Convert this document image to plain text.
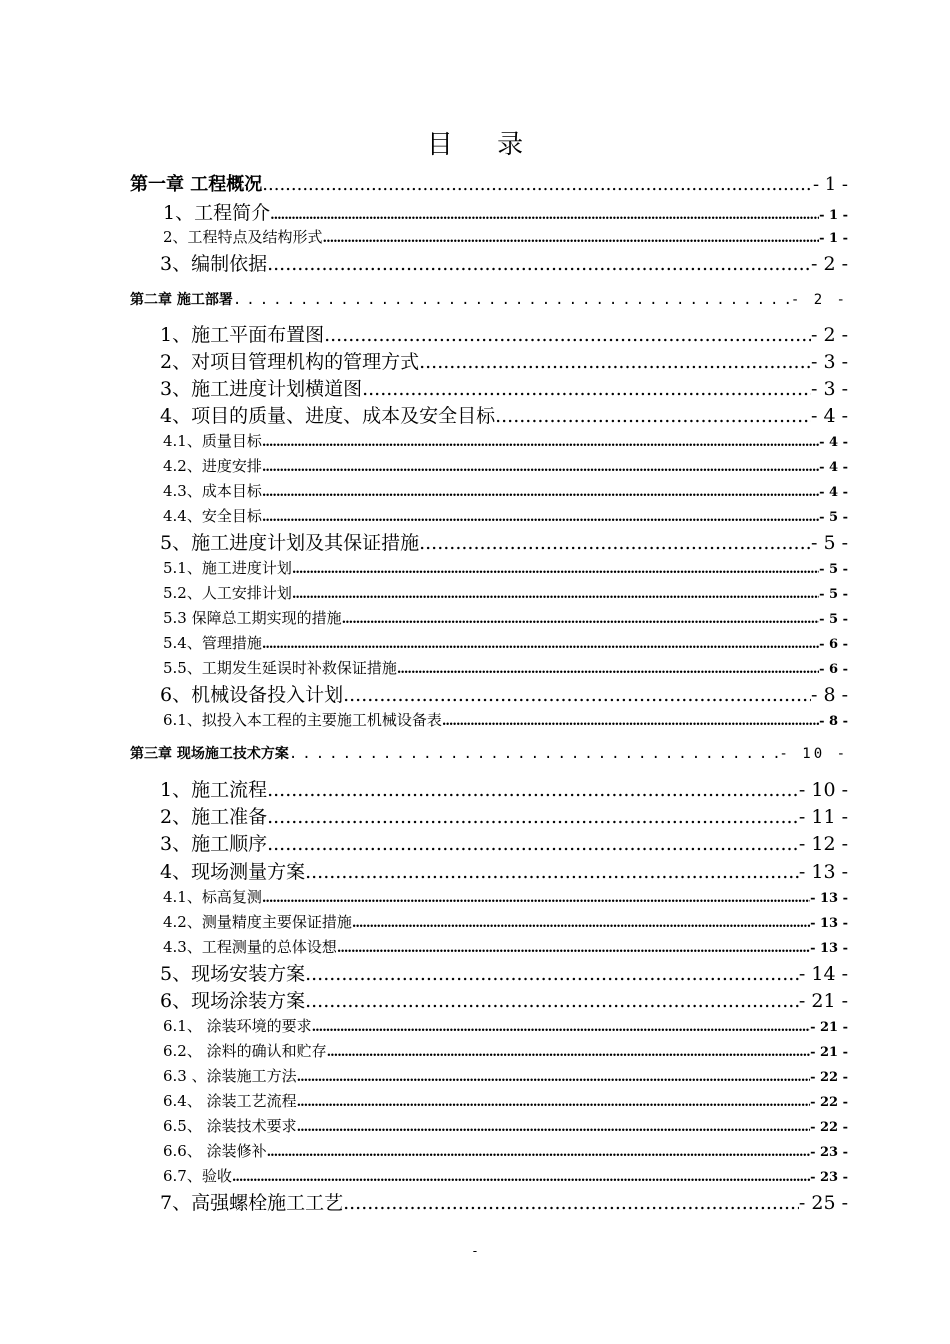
目 录
第一章 工程概况 .....	- 1 -
1、工程简介 .....	- 1 -
2、工程特点及结构形式 .....	- 1 -
3、编制依据 .....	- 2 -
第二章 施工部署 .....	- 2 -
1、施工平面布置图 .....	- 2 -
2、对项目管理机构的管理方式 .....	- 3 -
3、施工进度计划横道图 .....	- 3 -
4、项目的质量、进度、成本及安全目标 .....	- 4 -
4.1、质量目标 .....	- 4 -
4.2、进度安排 .....	- 4 -
4.3、成本目标 .....	- 4 -
4.4、安全目标 .....	- 5 -
5、施工进度计划及其保证措施 .....	- 5 -
5.1、施工进度计划 .....	- 5 -
5.2、人工安排计划 .....	- 5 -
5.3 保障总工期实现的措施 .....	- 5 -
5.4、管理措施 .....	- 6 -
5.5、工期发生延误时补救保证措施 .....	- 6 -
6、机械设备投入计划 .....	- 8 -
6.1、拟投入本工程的主要施工机械设备表 .....	- 8 -
第三章 现场施工技术方案 .....	- 10 -
1、施工流程 .....	- 10 -
2、施工准备 .....	- 11 -
3、施工顺序 .....	- 12 -
4、现场测量方案 .....	- 13 -
4.1、标高复测 .....	- 13 -
4.2、测量精度主要保证措施 .....	- 13 -
4.3、工程测量的总体设想 .....	- 13 -
5、现场安装方案 .....	- 14 -
6、现场涂装方案 .....	- 21 -
6.1、 涂装环境的要求 .....	- 21 -
6.2、 涂料的确认和贮存 .....	- 21 -
6.3 、涂装施工方法 .....	- 22 -
6.4、 涂装工艺流程 .....	- 22 -
6.5、 涂装技术要求 .....	- 22 -
6.6、 涂装修补 .....	- 23 -
6.7、验收 .....	- 23 -
7、高强螺栓施工工艺 .....	- 25 -
-
